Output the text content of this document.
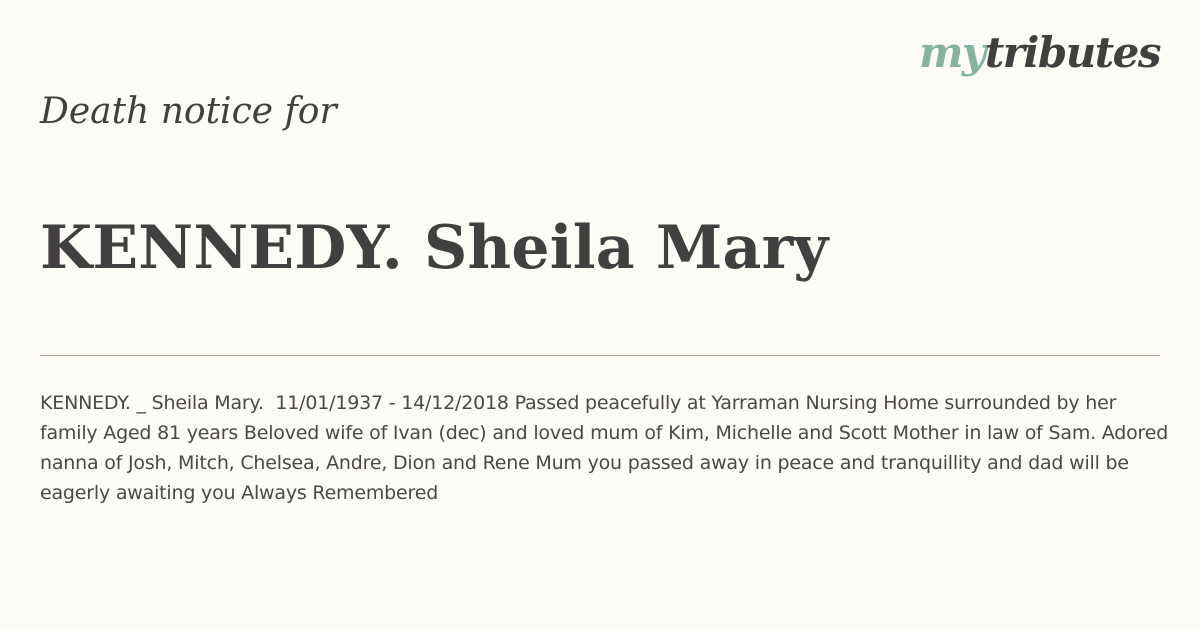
mytributes
Death notice for
KENNEDY. Sheila Mary

KENNEDY. _ Sheila Mary.  11/01/1937 - 14/12/2018 Passed peacefully at Yarraman Nursing Home surrounded by her family Aged 81 years Beloved wife of Ivan (dec) and loved mum of Kim, Michelle and Scott Mother in law of Sam. Adored nanna of Josh, Mitch, Chelsea, Andre, Dion and Rene Mum you passed away in peace and tranquillity and dad will be eagerly awaiting you Always Remembered
